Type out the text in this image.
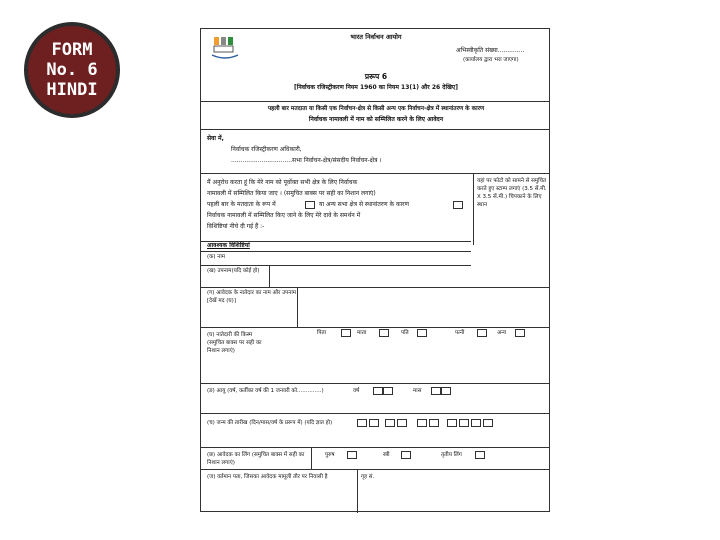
FORM
No. 6
HINDI
भारत निर्वाचन आयोग
अभिस्वीकृति संख्या..............
(कार्यालय द्वारा भरा जाएगा)
प्ररूप 6
[निर्वाचक रजिस्ट्रीकरण नियम 1960 का नियम 13(1) और 26 देखिए]
पहली बार मतदाता या किसी एक निर्वाचन-क्षेत्र से किसी अन्य एक निर्वाचन-क्षेत्र में स्थानांतरण के कारण
निर्वाचक नामावली में नाम को सम्मिलित करने के लिए आवेदन
सेवा में,
निर्वाचक रजिस्ट्रीकरण अधिकारी,
................................सभा निर्वाचन-क्षेत्र/संसदीय निर्वाचन-क्षेत्र ।
मैं अनुरोध करता हूं कि मेरे नाम को पूर्वोक्त सभी क्षेत्र के लिए निर्वाचक
नामावली में सम्मिलित किया जाए । (समुचित बाक्स पर सही का निशान लगाएं)
पहली बार के मतदाता के रूप में	या अन्य सभा क्षेत्र से स्थानांतरण के कारण
निर्वाचक नामावली में सम्मिलित किए जाने के लिए मेरे दावे के समर्थन में
विशिष्टियां नीचे दी गई हैं :-
यहां पर फोटो को सामने से समुचित करते हुए स्टाम्प लगाएं (3.5 सें.मी. X 3.5 सें.मी.) चिपकाने के लिए स्थान
आवश्यक विशिष्टियां
(क) नाम
(ख) उपनाम(यदि कोई हो)
(ग) आवेदक के नातेदार का नाम और उपनाम [देखें मद (घ)]
(घ) नातेदारी की किस्म (समुचित बाक्स पर सही का निशान लगाएं)
पिता	माता	पति	पत्नी	अन्य
(ङ) आयु (वर्ष, कर्तीका वर्ष की 1 जनवरी को..............)	वर्ष	मास
(च) जन्म की तारीख (दिन/मास/वर्ष के प्ररूप में) (यदि ज्ञात हो)
(छ) आवेदक का लिंग (समुचित बाक्स में सही का निशान लगाएं)
पुरुष	स्त्री	तृतीय लिंग
(ज) वर्तमान पता, जिसका आवेदक मामूली तौर पर निवासी है	गृह सं.
